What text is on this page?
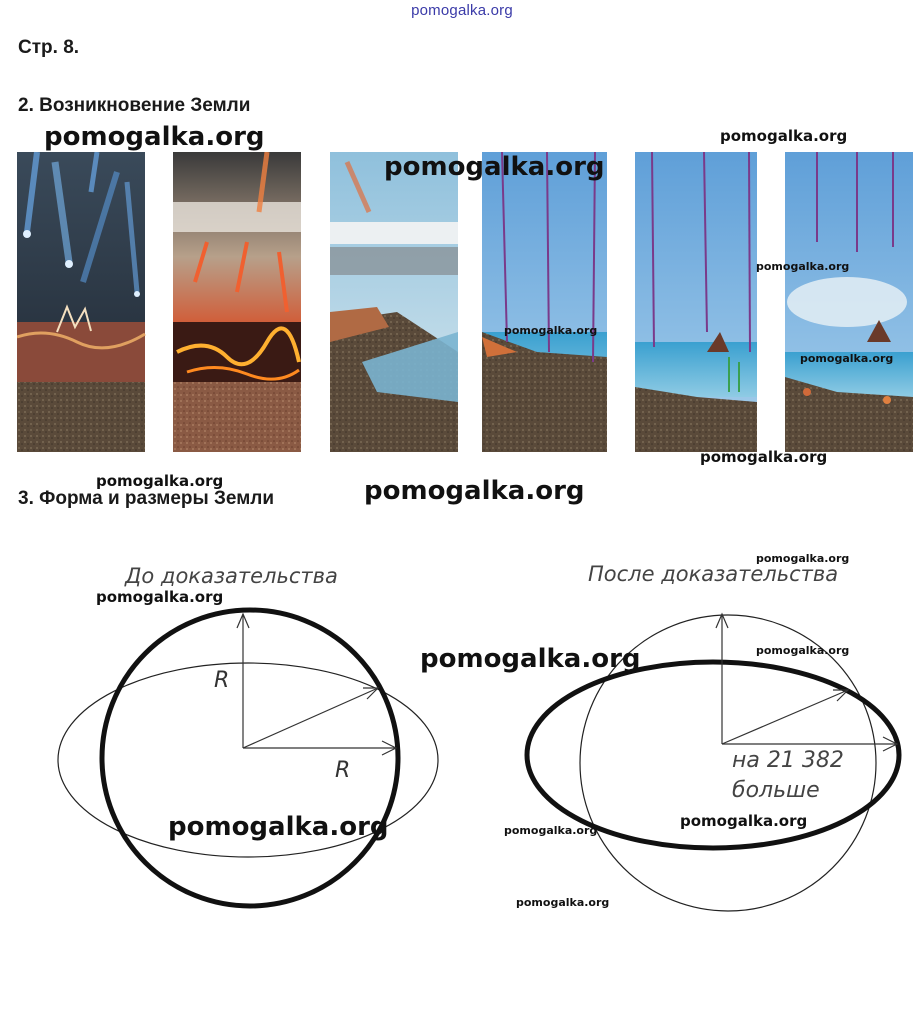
pomogalka.org
Стр. 8.
2. Возникновение Земли
3. Форма и размеры Земли
До доказательства	После доказательства
R
R	на 21 382
больше
pomogalka.org
pomogalka.org
pomogalka.org
pomogalka.org
pomogalka.org
pomogalka.org
pomogalka.org
pomogalka.org	pomogalka.org
pomogalka.org
pomogalka.org
pomogalka.org	pomogalka.org
pomogalka.org
pomogalka.org	pomogalka.org
pomogalka.org
